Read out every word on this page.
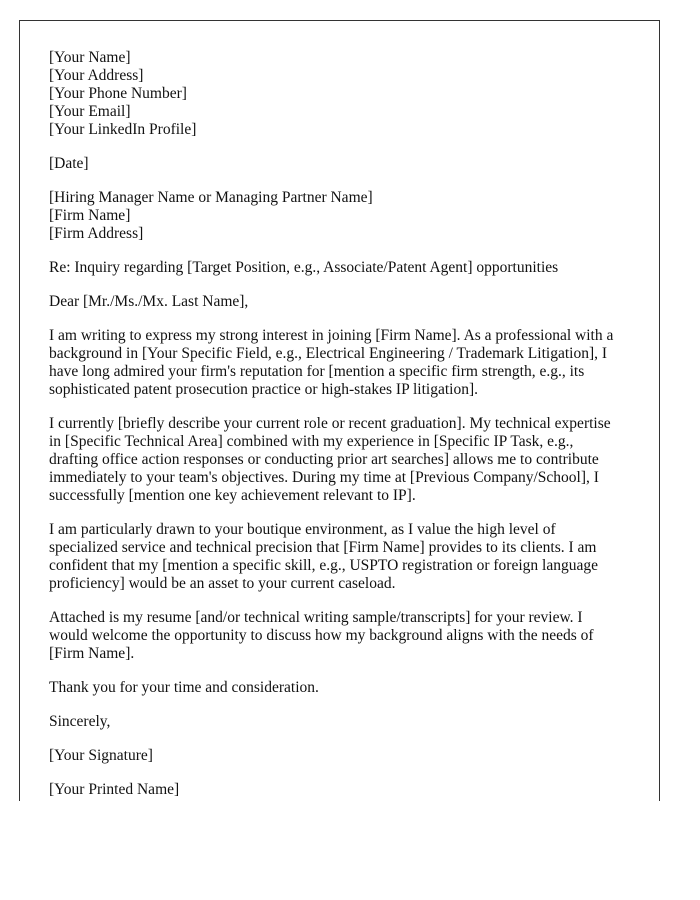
[Your Name]
[Your Address]
[Your Phone Number]
[Your Email]
[Your LinkedIn Profile]
[Date]
[Hiring Manager Name or Managing Partner Name]
[Firm Name]
[Firm Address]
Re: Inquiry regarding [Target Position, e.g., Associate/Patent Agent] opportunities
Dear [Mr./Ms./Mx. Last Name],
I am writing to express my strong interest in joining [Firm Name]. As a professional with a
background in [Your Specific Field, e.g., Electrical Engineering / Trademark Litigation], I
have long admired your firm's reputation for [mention a specific firm strength, e.g., its
sophisticated patent prosecution practice or high-stakes IP litigation].
I currently [briefly describe your current role or recent graduation]. My technical expertise
in [Specific Technical Area] combined with my experience in [Specific IP Task, e.g.,
drafting office action responses or conducting prior art searches] allows me to contribute
immediately to your team's objectives. During my time at [Previous Company/School], I
successfully [mention one key achievement relevant to IP].
I am particularly drawn to your boutique environment, as I value the high level of
specialized service and technical precision that [Firm Name] provides to its clients. I am
confident that my [mention a specific skill, e.g., USPTO registration or foreign language
proficiency] would be an asset to your current caseload.
Attached is my resume [and/or technical writing sample/transcripts] for your review. I
would welcome the opportunity to discuss how my background aligns with the needs of
[Firm Name].
Thank you for your time and consideration.
Sincerely,
[Your Signature]
[Your Printed Name]
